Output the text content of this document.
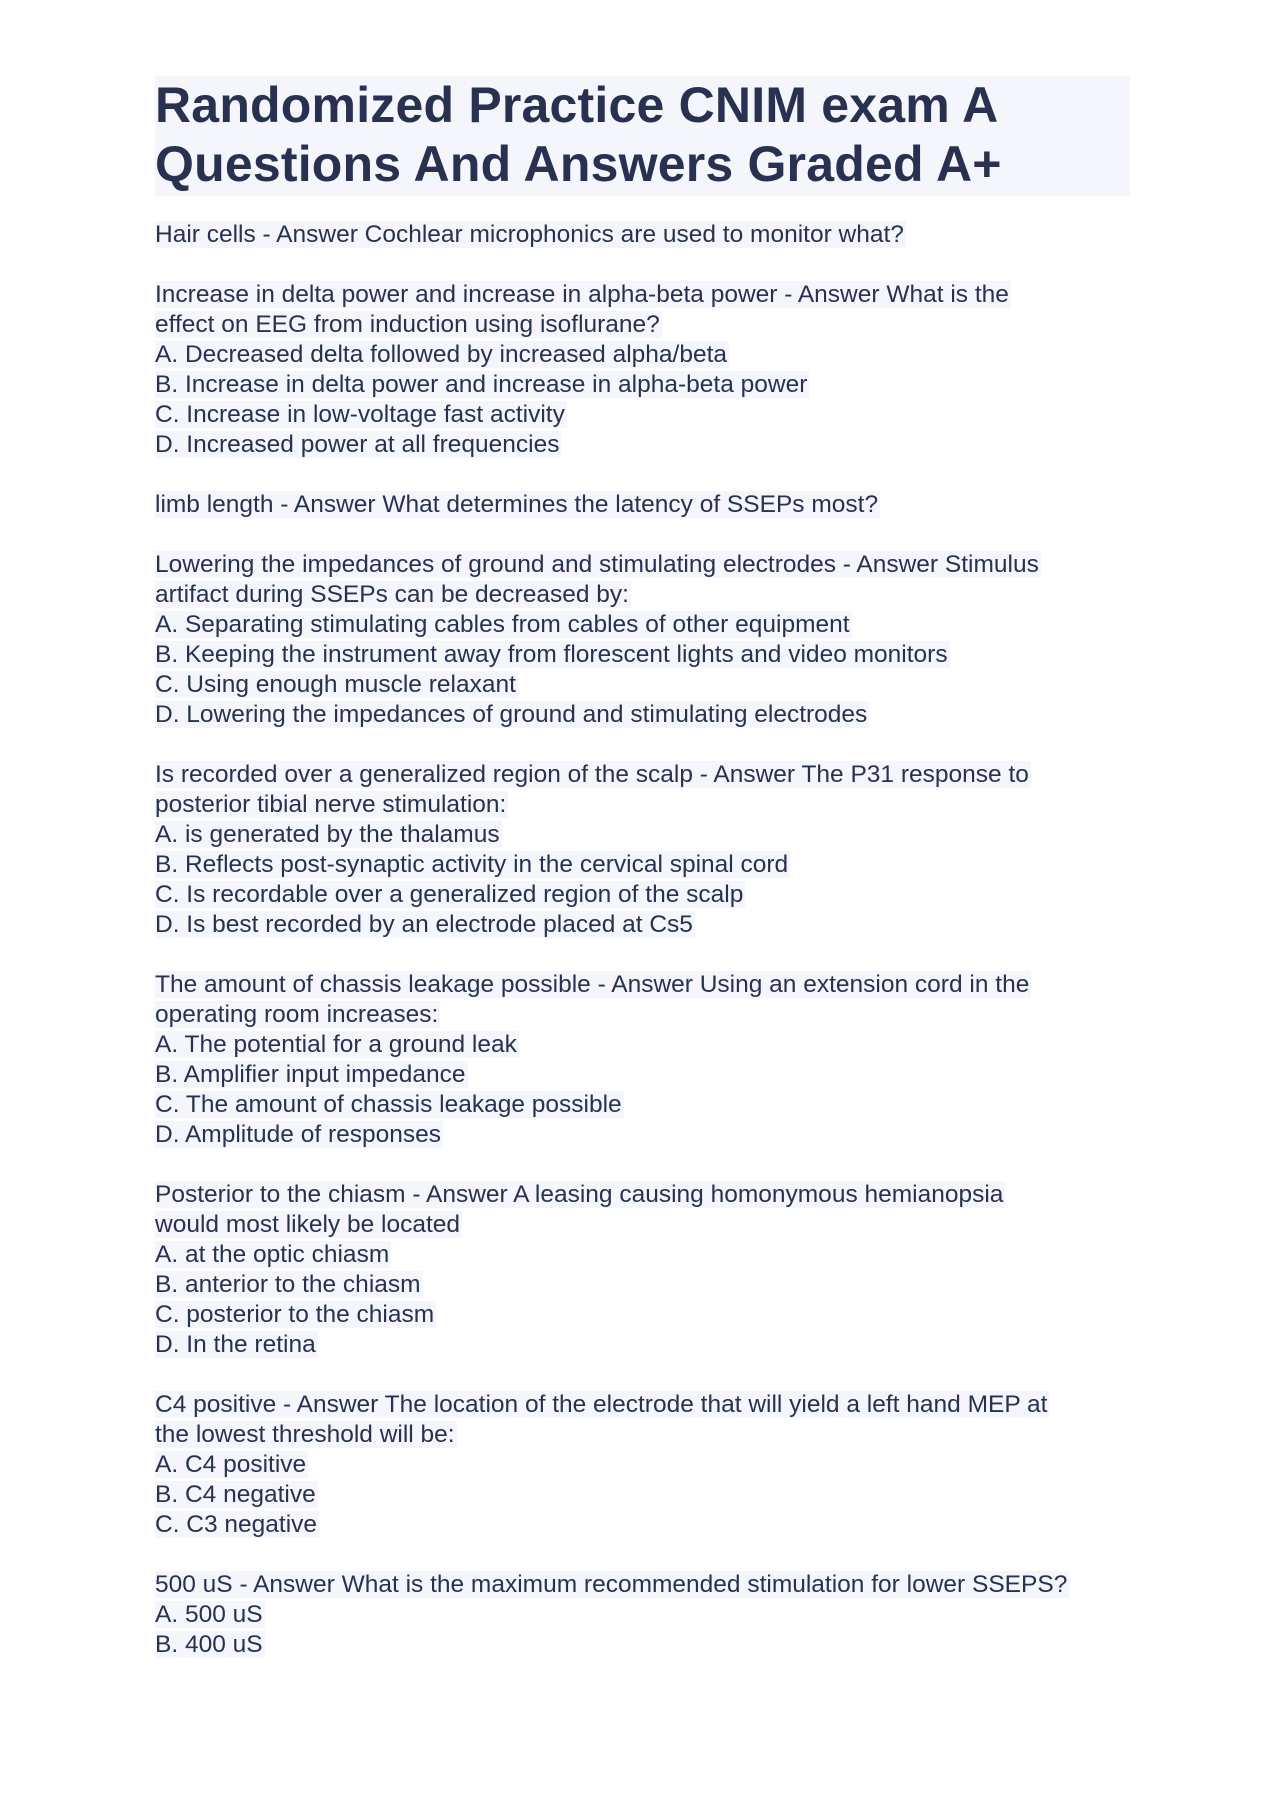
Randomized Practice CNIM exam A
Questions And Answers Graded A+
Hair cells - Answer Cochlear microphonics are used to monitor what?
Increase in delta power and increase in alpha-beta power - Answer What is the
effect on EEG from induction using isoflurane?
A. Decreased delta followed by increased alpha/beta
B. Increase in delta power and increase in alpha-beta power
C. Increase in low-voltage fast activity
D. Increased power at all frequencies
limb length - Answer What determines the latency of SSEPs most?
Lowering the impedances of ground and stimulating electrodes - Answer Stimulus
artifact during SSEPs can be decreased by:
A. Separating stimulating cables from cables of other equipment
B. Keeping the instrument away from florescent lights and video monitors
C. Using enough muscle relaxant
D. Lowering the impedances of ground and stimulating electrodes
Is recorded over a generalized region of the scalp - Answer The P31 response to
posterior tibial nerve stimulation:
A. is generated by the thalamus
B. Reflects post-synaptic activity in the cervical spinal cord
C. Is recordable over a generalized region of the scalp
D. Is best recorded by an electrode placed at Cs5
The amount of chassis leakage possible - Answer Using an extension cord in the
operating room increases:
A. The potential for a ground leak
B. Amplifier input impedance
C. The amount of chassis leakage possible
D. Amplitude of responses
Posterior to the chiasm - Answer A leasing causing homonymous hemianopsia
would most likely be located
A. at the optic chiasm
B. anterior to the chiasm
C. posterior to the chiasm
D. In the retina
C4 positive - Answer The location of the electrode that will yield a left hand MEP at
the lowest threshold will be:
A. C4 positive
B. C4 negative
C. C3 negative
500 uS - Answer What is the maximum recommended stimulation for lower SSEPS?
A. 500 uS
B. 400 uS
